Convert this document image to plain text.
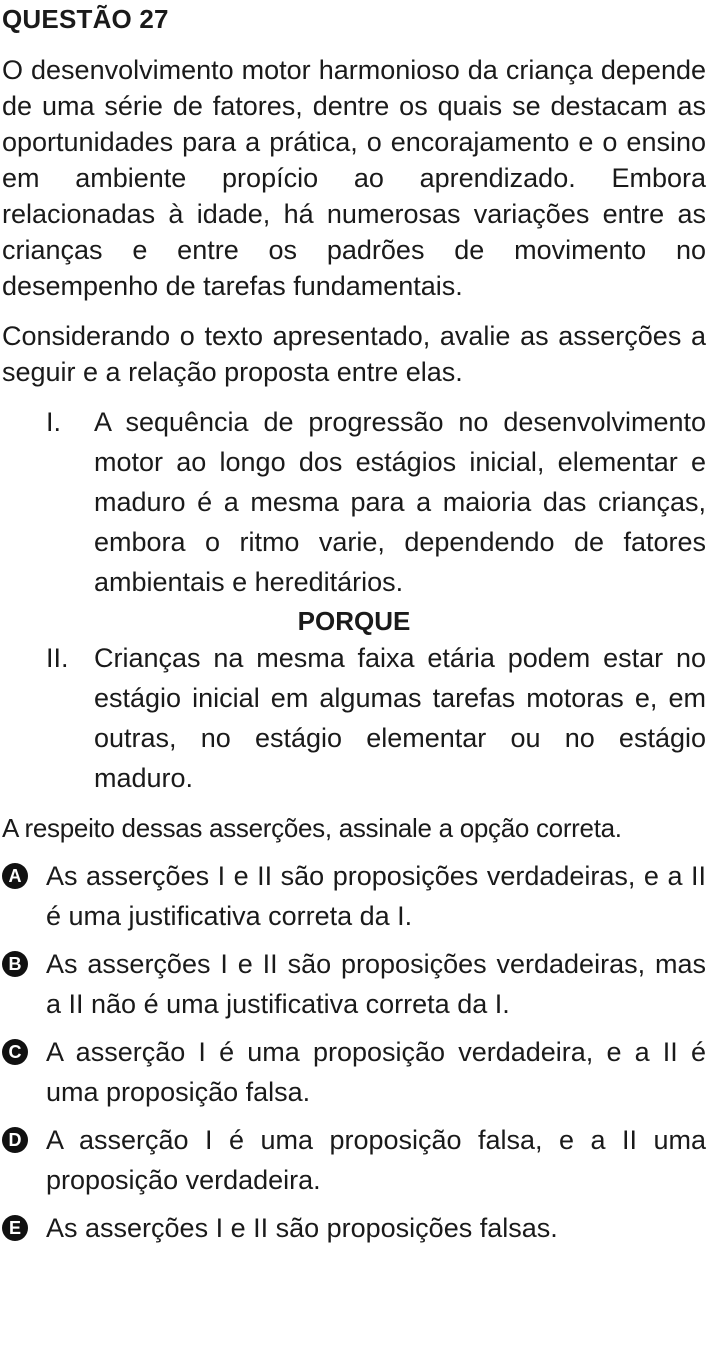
QUESTÃO 27

O desenvolvimento motor harmonioso da criança depende de uma série de fatores, dentre os quais se destacam as oportunidades para a prática, o encorajamento e o ensino em ambiente propício ao aprendizado. Embora relacionadas à idade, há numerosas variações entre as crianças e entre os padrões de movimento no desempenho de tarefas fundamentais.

Considerando o texto apresentado, avalie as asserções a seguir e a relação proposta entre elas.

I.	A sequência de progressão no desenvolvimento motor ao longo dos estágios inicial, elementar e maduro é a mesma para a maioria das crianças, embora o ritmo varie, dependendo de fatores ambientais e hereditários.

PORQUE

II. Crianças na mesma faixa etária podem estar no estágio inicial em algumas tarefas motoras e, em outras, no estágio elementar ou no estágio maduro.

A respeito dessas asserções, assinale a opção correta.

A As asserções I e II são proposições verdadeiras, e a II é uma justificativa correta da I.
B As asserções I e II são proposições verdadeiras, mas a II não é uma justificativa correta da I.
C A asserção I é uma proposição verdadeira, e a II é uma proposição falsa.
D A asserção I é uma proposição falsa, e a II uma proposição verdadeira.
E As asserções I e II são proposições falsas.
